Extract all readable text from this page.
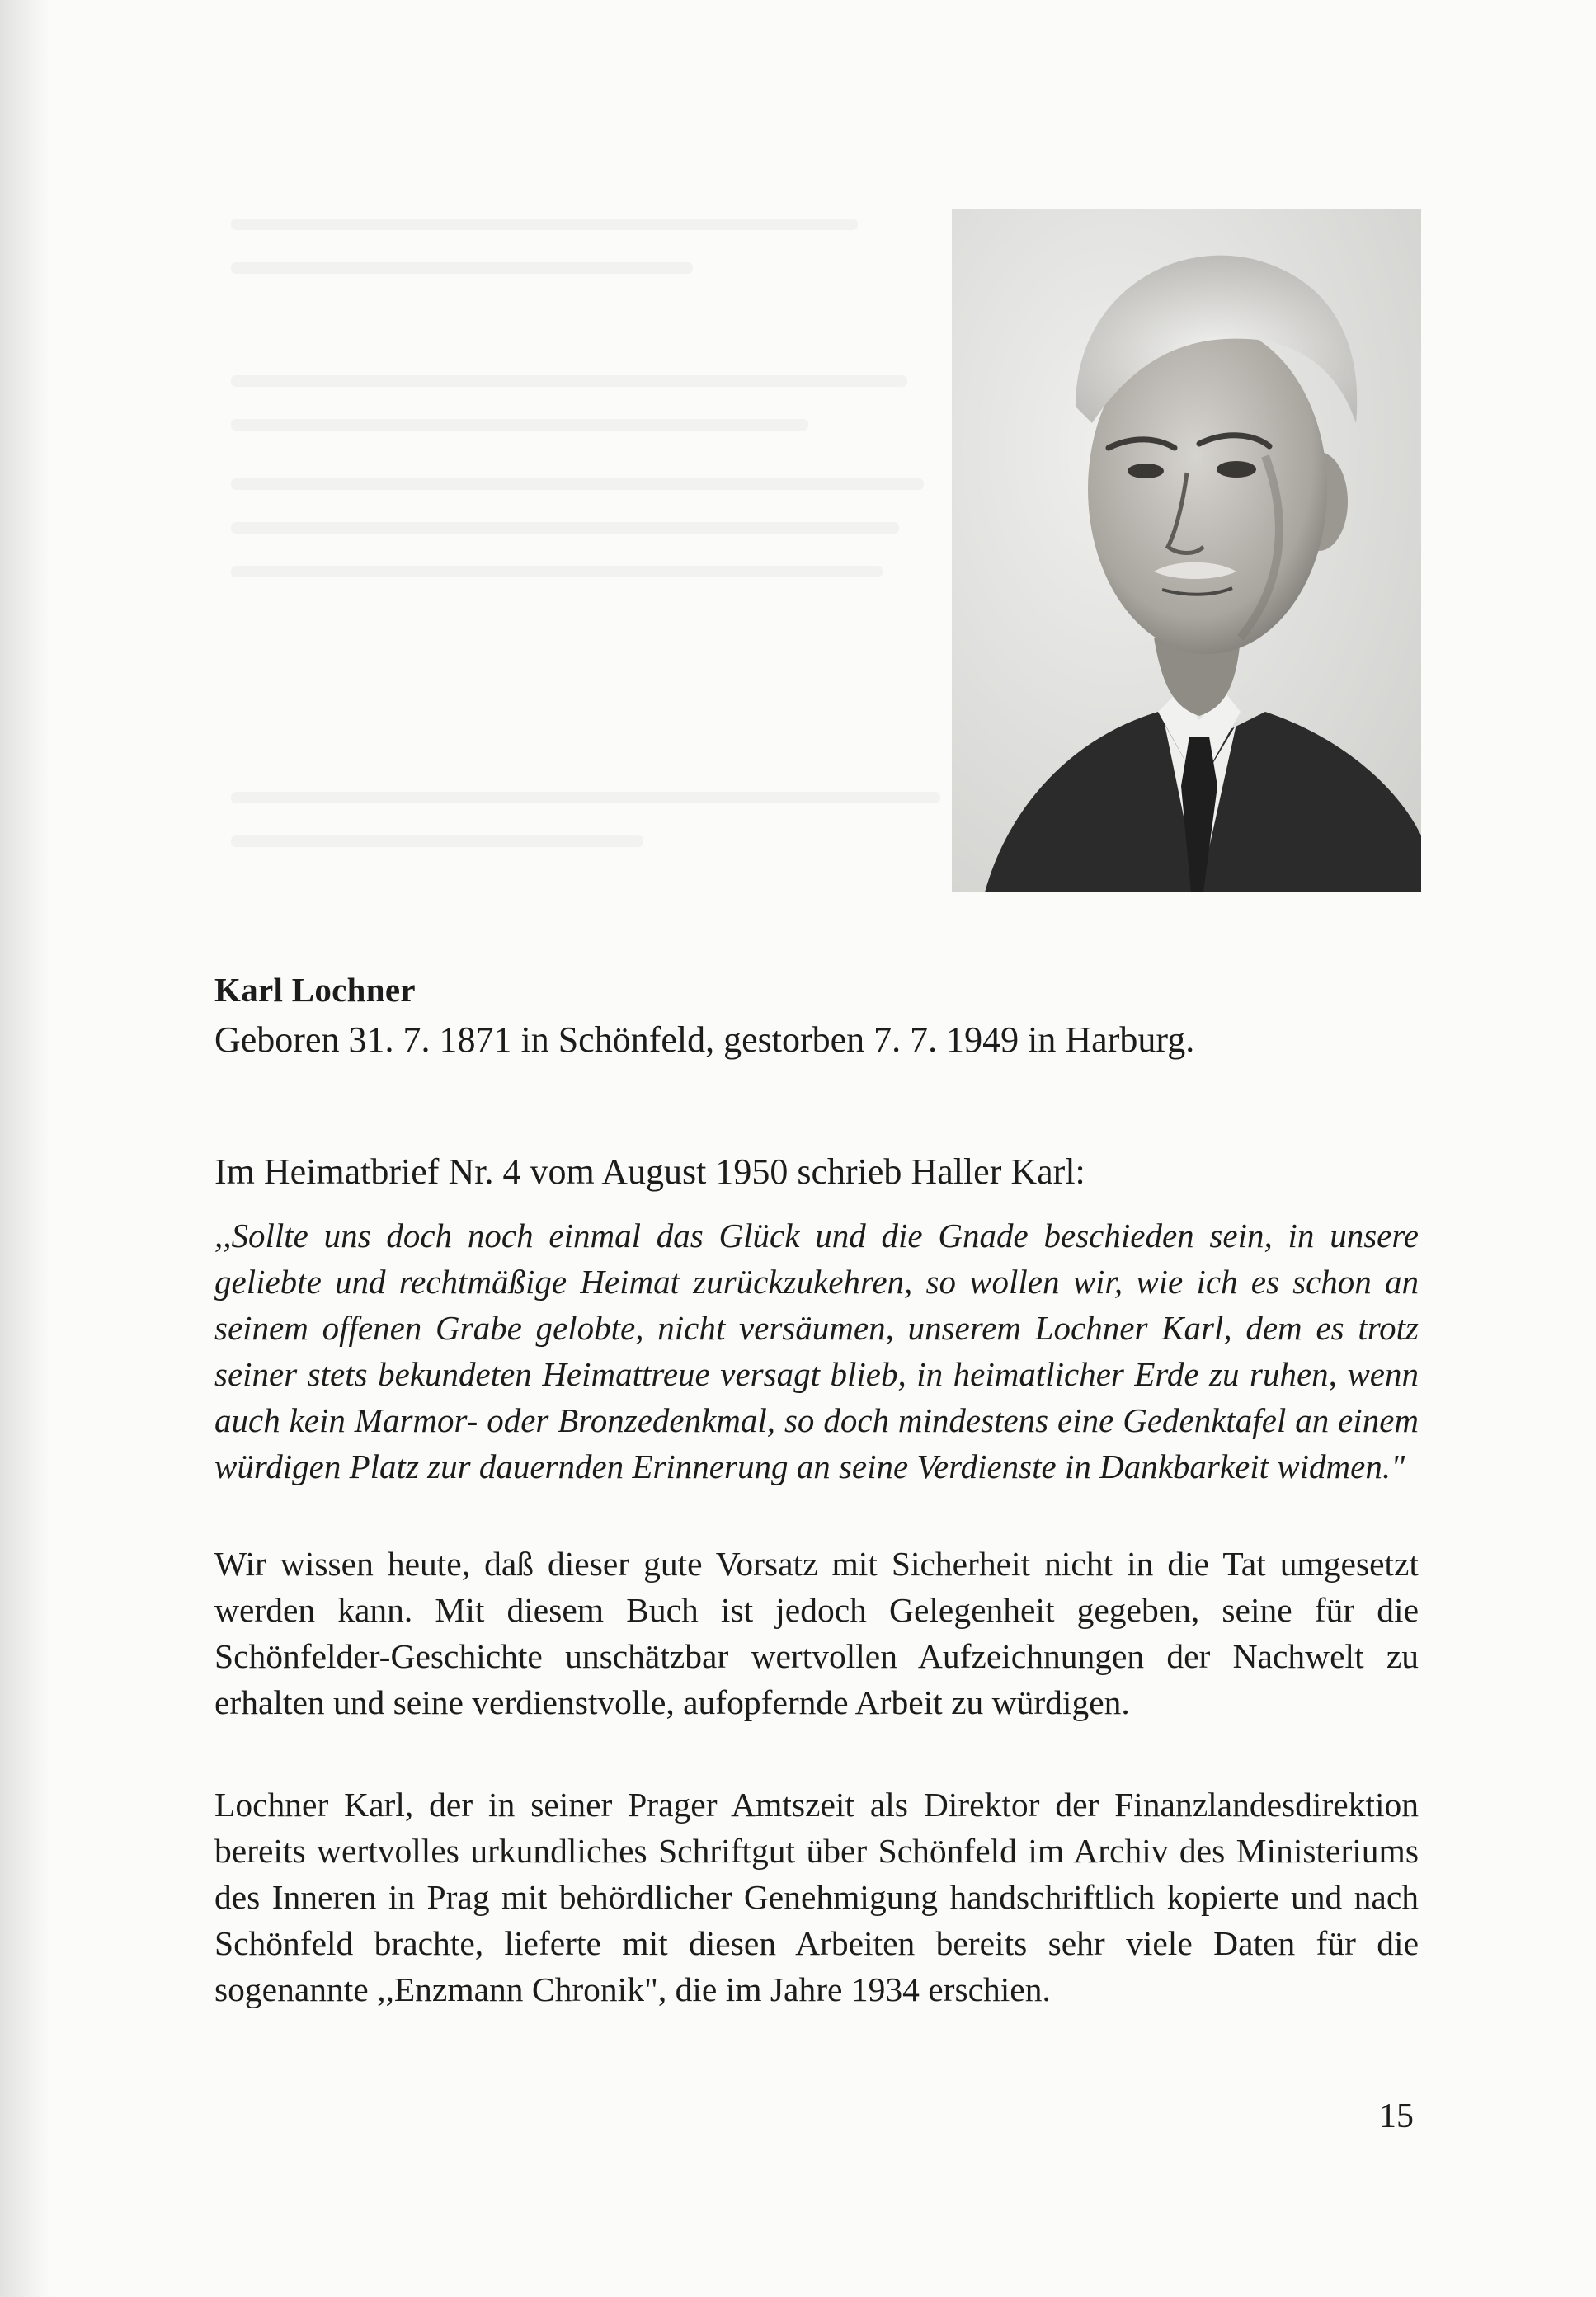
Karl Lochner
Geboren 31. 7. 1871 in Schönfeld, gestorben 7. 7. 1949 in Harburg.
Im Heimatbrief Nr. 4 vom August 1950 schrieb Haller Karl:
,,Sollte uns doch noch einmal das Glück und die Gnade beschieden sein, in unsere geliebte und rechtmäßige Heimat zurückzukehren, so wollen wir, wie ich es schon an seinem offenen Grabe gelobte, nicht versäumen, unserem Lochner Karl, dem es trotz seiner stets bekundeten Heimattreue versagt blieb, in heimatlicher Erde zu ruhen, wenn auch kein Marmor- oder Bronzedenkmal, so doch mindestens eine Gedenktafel an einem würdigen Platz zur dauernden Erinnerung an seine Verdienste in Dankbarkeit widmen."
Wir wissen heute, daß dieser gute Vorsatz mit Sicherheit nicht in die Tat umgesetzt werden kann. Mit diesem Buch ist jedoch Gelegenheit gegeben, seine für die Schönfelder-Geschichte unschätzbar wertvollen Aufzeichnungen der Nachwelt zu erhalten und seine verdienstvolle, aufopfernde Arbeit zu würdigen.
Lochner Karl, der in seiner Prager Amtszeit als Direktor der Finanzlandesdirektion bereits wertvolles urkundliches Schriftgut über Schönfeld im Archiv des Ministeriums des Inneren in Prag mit behördlicher Genehmigung handschriftlich kopierte und nach Schönfeld brachte, lieferte mit diesen Arbeiten bereits sehr viele Daten für die sogenannte ,,Enzmann Chronik", die im Jahre 1934 erschien.
15
